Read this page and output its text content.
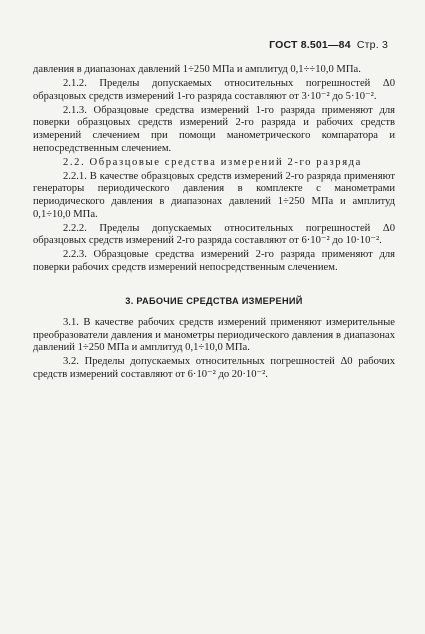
ГОСТ 8.501—84 Стр. 3

давления в диапазонах давлений 1÷250 МПа и амплитуд 0,1÷÷10,0 МПа.

2.1.2. Пределы допускаемых относительных погрешностей Δ0 образцовых средств измерений 1-го разряда составляют от 3·10⁻² до 5·10⁻².

2.1.3. Образцовые средства измерений 1-го разряда применяют для поверки образцовых средств измерений 2-го разряда и рабочих средств измерений слечением при помощи манометрического компаратора и непосредственным слечением.

2.2. Образцовые средства измерений 2-го разряда

2.2.1. В качестве образцовых средств измерений 2-го разряда применяют генераторы периодического давления в комплекте с манометрами периодического давления в диапазонах давлений 1÷250 МПа и амплитуд 0,1÷10,0 МПа.

2.2.2. Пределы допускаемых относительных погрешностей Δ0 образцовых средств измерений 2-го разряда составляют от 6·10⁻² до 10·10⁻².

2.2.3. Образцовые средства измерений 2-го разряда применяют для поверки рабочих средств измерений непосредственным слечением.

3. РАБОЧИЕ СРЕДСТВА ИЗМЕРЕНИЙ

3.1. В качестве рабочих средств измерений применяют измерительные преобразователи давления и манометры периодического давления в диапазонах давлений 1÷250 МПа и амплитуд 0,1÷10,0 МПа.

3.2. Пределы допускаемых относительных погрешностей Δ0 рабочих средств измерений составляют от 6·10⁻² до 20·10⁻².
